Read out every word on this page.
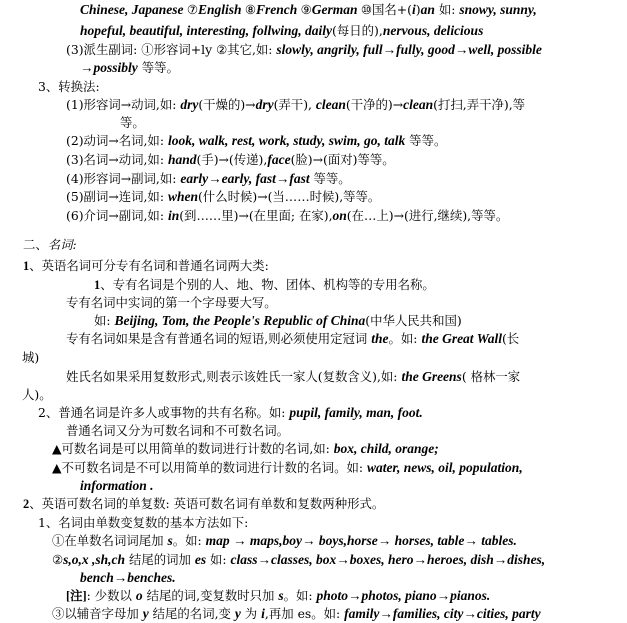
Chinese, Japanese ⑦English ⑧French ⑨German ⑩国名+(i)an 如: snowy, sunny,
hopeful, beautiful, interesting, follwing, daily(每日的),nervous, delicious
(3)派生副词: ①形容词+ly ②其它,如: slowly, angrily, full→fully, good→well, possible
→possibly 等等。
3、转换法:
(1)形容词→动词,如: dry(干燥的)→dry(弄干), clean(干净的)→clean(打扫,弄干净),等
等。
(2)动词→名词,如: look, walk, rest, work, study, swim, go, talk 等等。
(3)名词→动词,如: hand(手)→(传递),face(脸)→(面对)等等。
(4)形容词→副词,如: early→early, fast→fast 等等。
(5)副词→连词,如: when(什么时候)→(当……时候),等等。
(6)介词→副词,如: in(到……里)→(在里面; 在家),on(在…上)→(进行,继续),等等。
二、名词:
1、英语名词可分专有名词和普通名词两大类:
1、专有名词是个别的人、地、物、团体、机构等的专用名称。
专有名词中实词的第一个字母要大写。
如: Beijing, Tom, the People's Republic of China(中华人民共和国)
专有名词如果是含有普通名词的短语,则必须使用定冠词 the。如: the Great Wall(长
城)
姓氏名如果采用复数形式,则表示该姓氏一家人(复数含义),如: the Greens( 格林一家
人)。
2、普通名词是许多人或事物的共有名称。如: pupil, family, man, foot.
普通名词又分为可数名词和不可数名词。
▲可数名词是可以用简单的数词进行计数的名词,如: box, child, orange;
▲不可数名词是不可以用简单的数词进行计数的名词。如: water, news, oil, population,
information .
2、英语可数名词的单复数: 英语可数名词有单数和复数两种形式。
1、名词由单数变复数的基本方法如下:
①在单数名词词尾加 s。如: map → maps,boy→ boys,horse→ horses, table→ tables.
②s,o,x ,sh,ch 结尾的词加 es 如: class→classes, box→boxes, hero→heroes, dish→dishes,
bench→benches.
[注]: 少数以 o 结尾的词,变复数时只加 s。如: photo→photos, piano→pianos.
③以辅音字母加 y 结尾的名词,变 y 为 i,再加 es。如: family→families, city→cities, party
